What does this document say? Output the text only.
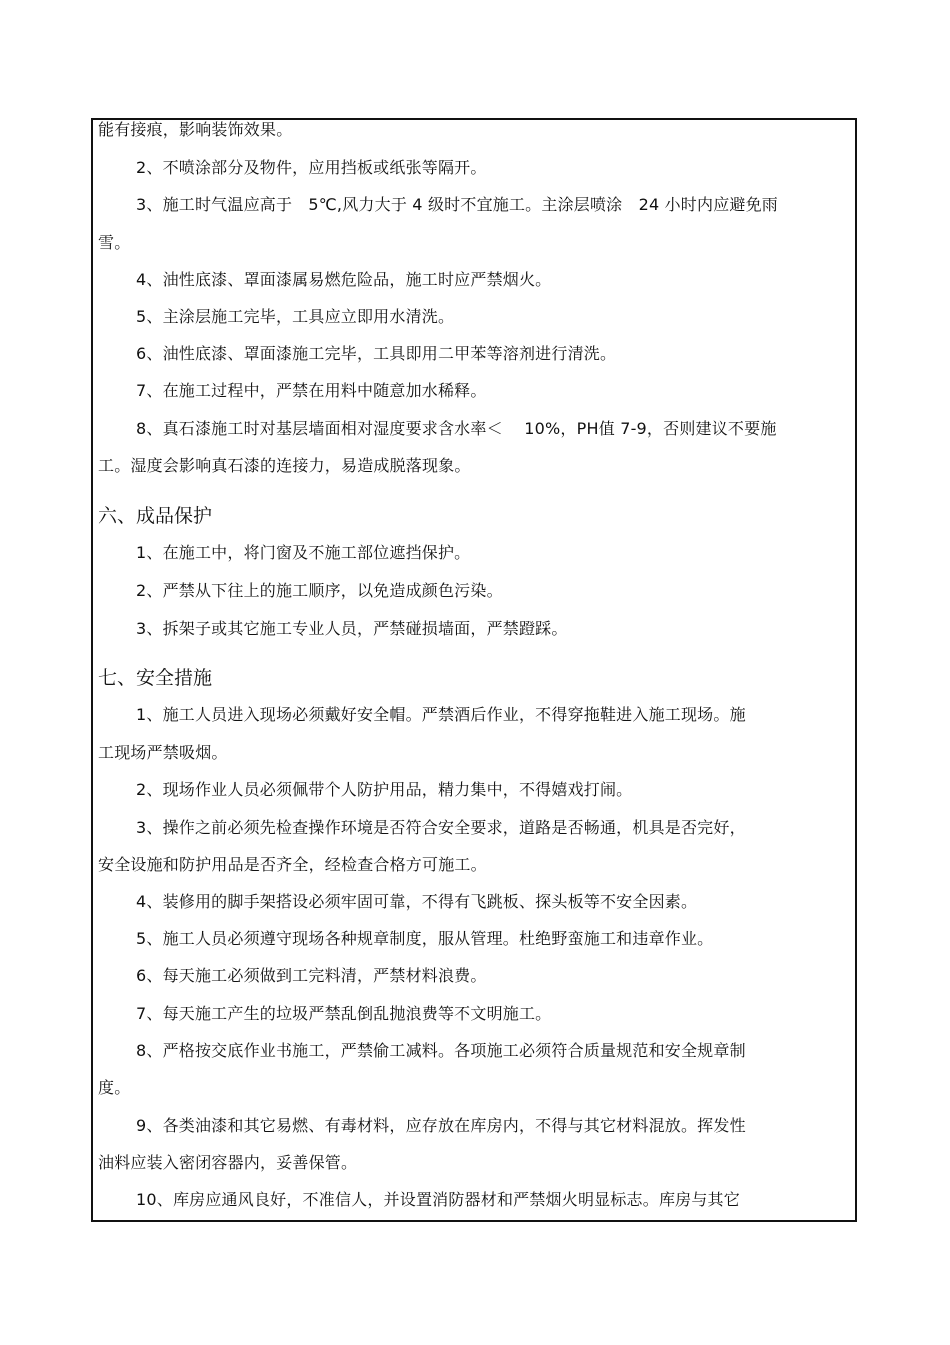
能有接痕，影响装饰效果。
2、不喷涂部分及物件，应用挡板或纸张等隔开。
3、施工时气温应高于　5℃,风力大于 4 级时不宜施工。主涂层喷涂　24 小时内应避免雨
雪。
4、油性底漆、罩面漆属易燃危险品，施工时应严禁烟火。
5、主涂层施工完毕，工具应立即用水清洗。
6、油性底漆、罩面漆施工完毕，工具即用二甲苯等溶剂进行清洗。
7、在施工过程中，严禁在用料中随意加水稀释。
8、真石漆施工时对基层墙面相对湿度要求含水率＜　 10%，PH值 7-9，否则建议不要施
工。湿度会影响真石漆的连接力，易造成脱落现象。
六、成品保护
1、在施工中，将门窗及不施工部位遮挡保护。
2、严禁从下往上的施工顺序，以免造成颜色污染。
3、拆架子或其它施工专业人员，严禁碰损墙面，严禁蹬踩。
七、安全措施
1、施工人员进入现场必须戴好安全帽。严禁酒后作业，不得穿拖鞋进入施工现场。施
工现场严禁吸烟。
2、现场作业人员必须佩带个人防护用品，精力集中，不得嬉戏打闹。
3、操作之前必须先检查操作环境是否符合安全要求，道路是否畅通，机具是否完好，
安全设施和防护用品是否齐全，经检查合格方可施工。
4、装修用的脚手架搭设必须牢固可靠，不得有飞跳板、探头板等不安全因素。
5、施工人员必须遵守现场各种规章制度，服从管理。杜绝野蛮施工和违章作业。
6、每天施工必须做到工完料清，严禁材料浪费。
7、每天施工产生的垃圾严禁乱倒乱抛浪费等不文明施工。
8、严格按交底作业书施工，严禁偷工减料。各项施工必须符合质量规范和安全规章制
度。
9、各类油漆和其它易燃、有毒材料，应存放在库房内，不得与其它材料混放。挥发性
油料应装入密闭容器内，妥善保管。
10、库房应通风良好，不准信人，并设置消防器材和严禁烟火明显标志。库房与其它
